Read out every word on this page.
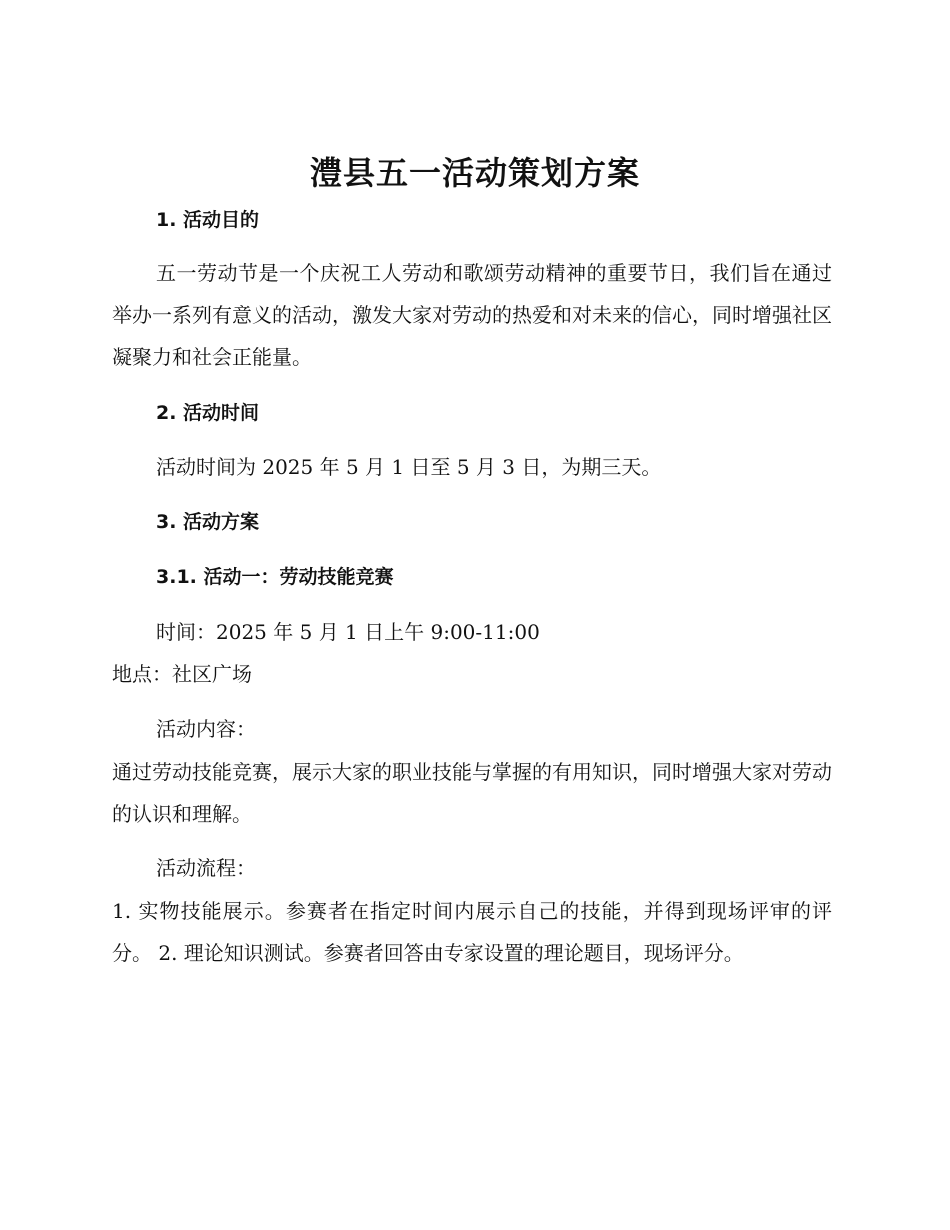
澧县五一活动策划方案
1. 活动目的

五一劳动节是一个庆祝工人劳动和歌颂劳动精神的重要节日，我们旨在通过举办一系列有意义的活动，激发大家对劳动的热爱和对未来的信心，同时增强社区凝聚力和社会正能量。

2. 活动时间

活动时间为 2025 年 5 月 1 日至 5 月 3 日，为期三天。

3. 活动方案
3.1. 活动一：劳动技能竞赛

时间：2025 年 5 月 1 日上午 9:00-11:00

地点：社区广场

活动内容：

通过劳动技能竞赛，展示大家的职业技能与掌握的有用知识，同时增强大家对劳动的认识和理解。

活动流程：

1. 实物技能展示。参赛者在指定时间内展示自己的技能，并得到现场评审的评分。 2. 理论知识测试。参赛者回答由专家设置的理论题目，现场评分。
